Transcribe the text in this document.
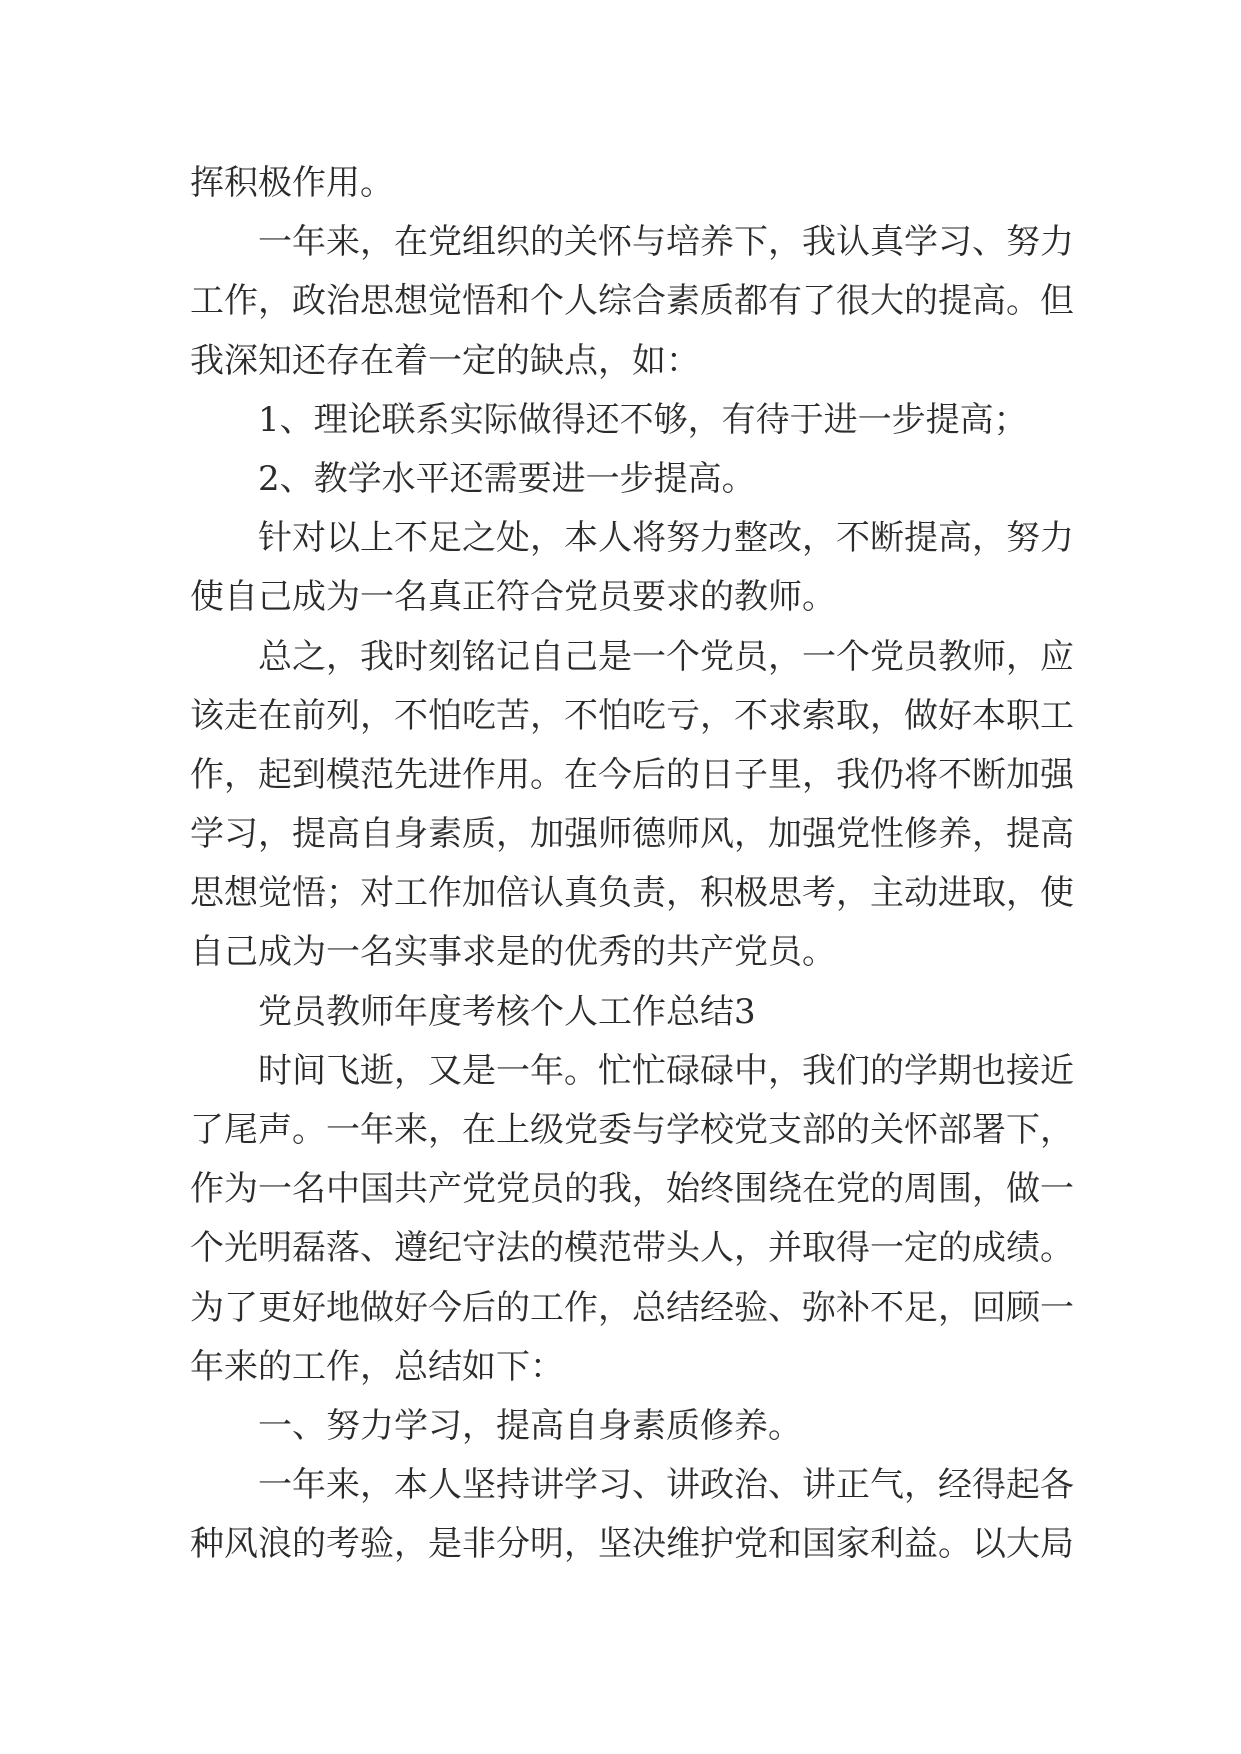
挥积极作用。
一年来，在党组织的关怀与培养下，我认真学习、努力
工作，政治思想觉悟和个人综合素质都有了很大的提高。但
我深知还存在着一定的缺点，如：
1、理论联系实际做得还不够，有待于进一步提高；
2、教学水平还需要进一步提高。
针对以上不足之处，本人将努力整改，不断提高，努力
使自己成为一名真正符合党员要求的教师。
总之，我时刻铭记自己是一个党员，一个党员教师，应
该走在前列，不怕吃苦，不怕吃亏，不求索取，做好本职工
作，起到模范先进作用。在今后的日子里，我仍将不断加强
学习，提高自身素质，加强师德师风，加强党性修养，提高
思想觉悟；对工作加倍认真负责，积极思考，主动进取，使
自己成为一名实事求是的优秀的共产党员。
党员教师年度考核个人工作总结3
时间飞逝，又是一年。忙忙碌碌中，我们的学期也接近
了尾声。一年来，在上级党委与学校党支部的关怀部署下，
作为一名中国共产党党员的我，始终围绕在党的周围，做一
个光明磊落、遵纪守法的模范带头人，并取得一定的成绩。
为了更好地做好今后的工作，总结经验、弥补不足，回顾一
年来的工作，总结如下：
一、努力学习，提高自身素质修养。
一年来，本人坚持讲学习、讲政治、讲正气，经得起各
种风浪的考验，是非分明，坚决维护党和国家利益。以大局
